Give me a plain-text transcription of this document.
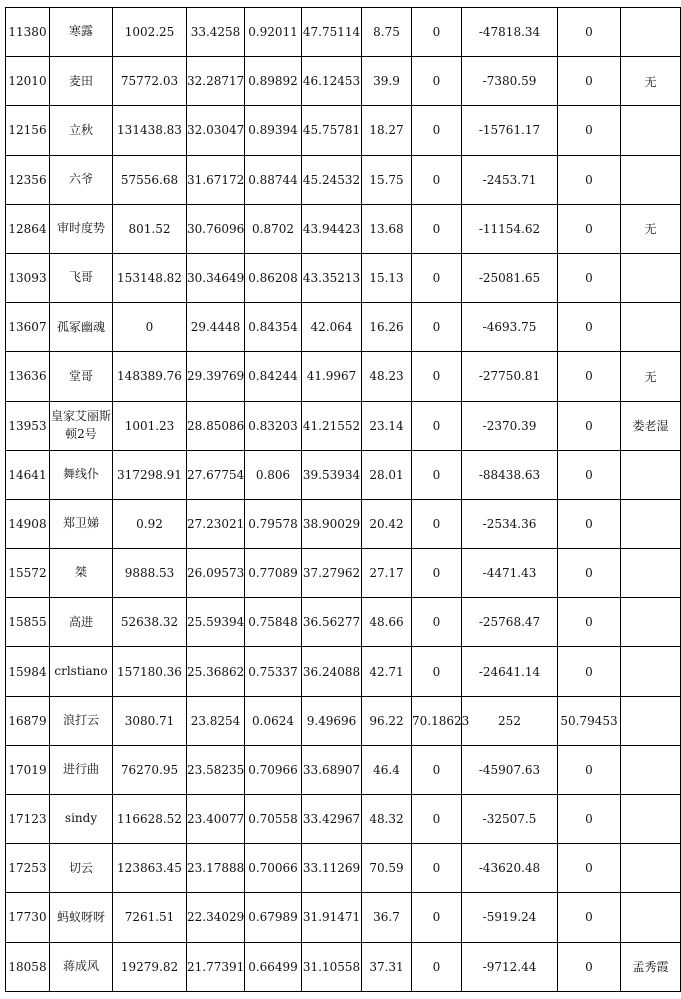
11380	寒露	1002.25	33.4258	0.92011	47.75114	8.75	0	-47818.34	0	
12010	麦田	75772.03	32.28717	0.89892	46.12453	39.9	0	-7380.59	0	无
12156	立秋	131438.83	32.03047	0.89394	45.75781	18.27	0	-15761.17	0	
12356	六爷	57556.68	31.67172	0.88744	45.24532	15.75	0	-2453.71	0	
12864	审时度势	801.52	30.76096	0.8702	43.94423	13.68	0	-11154.62	0	无
13093	飞哥	153148.82	30.34649	0.86208	43.35213	15.13	0	-25081.65	0	
13607	孤冢幽魂	0	29.4448	0.84354	42.064	16.26	0	-4693.75	0	
13636	堂哥	148389.76	29.39769	0.84244	41.9967	48.23	0	-27750.81	0	无
13953	皇家艾丽斯顿2号	1001.23	28.85086	0.83203	41.21552	23.14	0	-2370.39	0	娄老湿
14641	舞线仆	317298.91	27.67754	0.806	39.53934	28.01	0	-88438.63	0	
14908	郑卫娣	0.92	27.23021	0.79578	38.90029	20.42	0	-2534.36	0	
15572	桀	9888.53	26.09573	0.77089	37.27962	27.17	0	-4471.43	0	
15855	高进	52638.32	25.59394	0.75848	36.56277	48.66	0	-25768.47	0	
15984	crlstiano	157180.36	25.36862	0.75337	36.24088	42.71	0	-24641.14	0	
16879	浪打云	3080.71	23.8254	0.0624	9.49696	96.22	70.18623	252	50.79453	
17019	进行曲	76270.95	23.58235	0.70966	33.68907	46.4	0	-45907.63	0	
17123	sindy	116628.52	23.40077	0.70558	33.42967	48.32	0	-32507.5	0	
17253	切云	123863.45	23.17888	0.70066	33.11269	70.59	0	-43620.48	0	
17730	蚂蚁呀呀	7261.51	22.34029	0.67989	31.91471	36.7	0	-5919.24	0	
18058	蒋成风	19279.82	21.77391	0.66499	31.10558	37.31	0	-9712.44	0	孟秀霞
